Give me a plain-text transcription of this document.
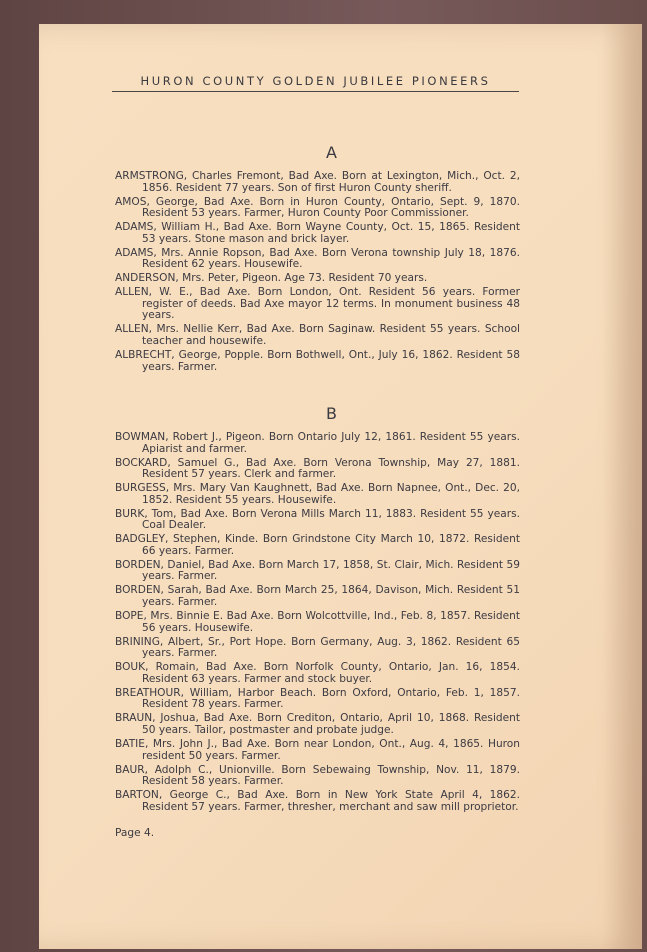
HURON COUNTY GOLDEN JUBILEE PIONEERS
A
ARMSTRONG, Charles Fremont, Bad Axe. Born at Lexington, Mich., Oct. 2, 1856. Resident 77 years. Son of first Huron County sheriff.
AMOS, George, Bad Axe. Born in Huron County, Ontario, Sept. 9, 1870. Resident 53 years. Farmer, Huron County Poor Commissioner.
ADAMS, William H., Bad Axe. Born Wayne County, Oct. 15, 1865. Resident 53 years. Stone mason and brick layer.
ADAMS, Mrs. Annie Ropson, Bad Axe. Born Verona township July 18, 1876. Resident 62 years. Housewife.
ANDERSON, Mrs. Peter, Pigeon. Age 73. Resident 70 years.
ALLEN, W. E., Bad Axe. Born London, Ont. Resident 56 years. Former register of deeds. Bad Axe mayor 12 terms. In monument business 48 years.
ALLEN, Mrs. Nellie Kerr, Bad Axe. Born Saginaw. Resident 55 years. School teacher and housewife.
ALBRECHT, George, Popple. Born Bothwell, Ont., July 16, 1862. Resident 58 years. Farmer.
B
BOWMAN, Robert J., Pigeon. Born Ontario July 12, 1861. Resident 55 years. Apiarist and farmer.
BOCKARD, Samuel G., Bad Axe. Born Verona Township, May 27, 1881. Resident 57 years. Clerk and farmer.
BURGESS, Mrs. Mary Van Kaughnett, Bad Axe. Born Napnee, Ont., Dec. 20, 1852. Resident 55 years. Housewife.
BURK, Tom, Bad Axe. Born Verona Mills March 11, 1883. Resident 55 years. Coal Dealer.
BADGLEY, Stephen, Kinde. Born Grindstone City March 10, 1872. Resident 66 years. Farmer.
BORDEN, Daniel, Bad Axe. Born March 17, 1858, St. Clair, Mich. Resident 59 years. Farmer.
BORDEN, Sarah, Bad Axe. Born March 25, 1864, Davison, Mich. Resident 51 years. Farmer.
BOPE, Mrs. Binnie E. Bad Axe. Born Wolcottville, Ind., Feb. 8, 1857. Resident 56 years. Housewife.
BRINING, Albert, Sr., Port Hope. Born Germany, Aug. 3, 1862. Resident 65 years. Farmer.
BOUK, Romain, Bad Axe. Born Norfolk County, Ontario, Jan. 16, 1854. Resident 63 years. Farmer and stock buyer.
BREATHOUR, William, Harbor Beach. Born Oxford, Ontario, Feb. 1, 1857. Resident 78 years. Farmer.
BRAUN, Joshua, Bad Axe. Born Crediton, Ontario, April 10, 1868. Resident 50 years. Tailor, postmaster and probate judge.
BATIE, Mrs. John J., Bad Axe. Born near London, Ont., Aug. 4, 1865. Huron resident 50 years. Farmer.
BAUR, Adolph C., Unionville. Born Sebewaing Township, Nov. 11, 1879. Resident 58 years. Farmer.
BARTON, George C., Bad Axe. Born in New York State April 4, 1862. Resident 57 years. Farmer, thresher, merchant and saw mill proprietor.
Page 4.
